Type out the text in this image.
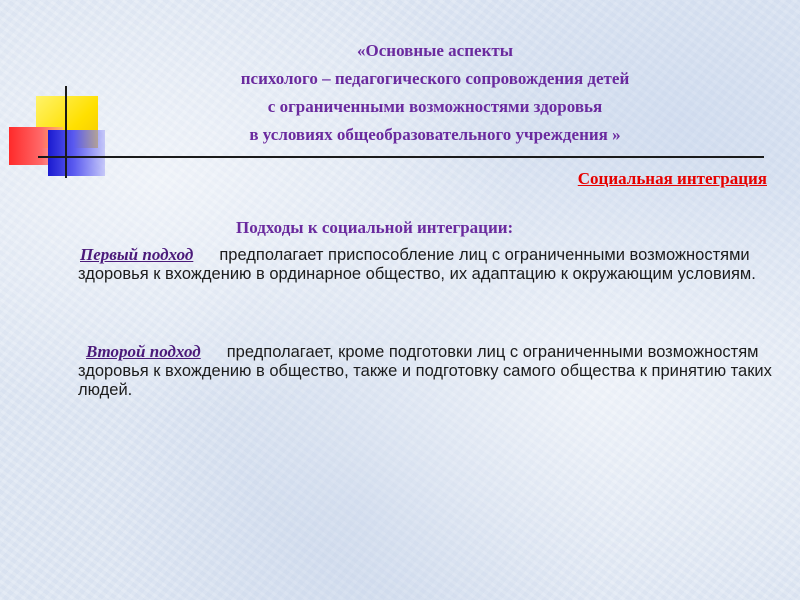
«Основные аспекты
психолого – педагогического сопровождения детей
с ограниченными возможностями здоровья
в условиях общеобразовательного учреждения »

Социальная интеграция

Подходы к социальной интеграции:

Первый подход предполагает приспособление лиц с ограниченными возможностями здоровья к вхождению в ординарное общество, их адаптацию к окружающим условиям.

Второй подход предполагает, кроме подготовки лиц с ограниченными возможностям здоровья к вхождению в общество, также и подготовку самого общества к принятию таких людей.
